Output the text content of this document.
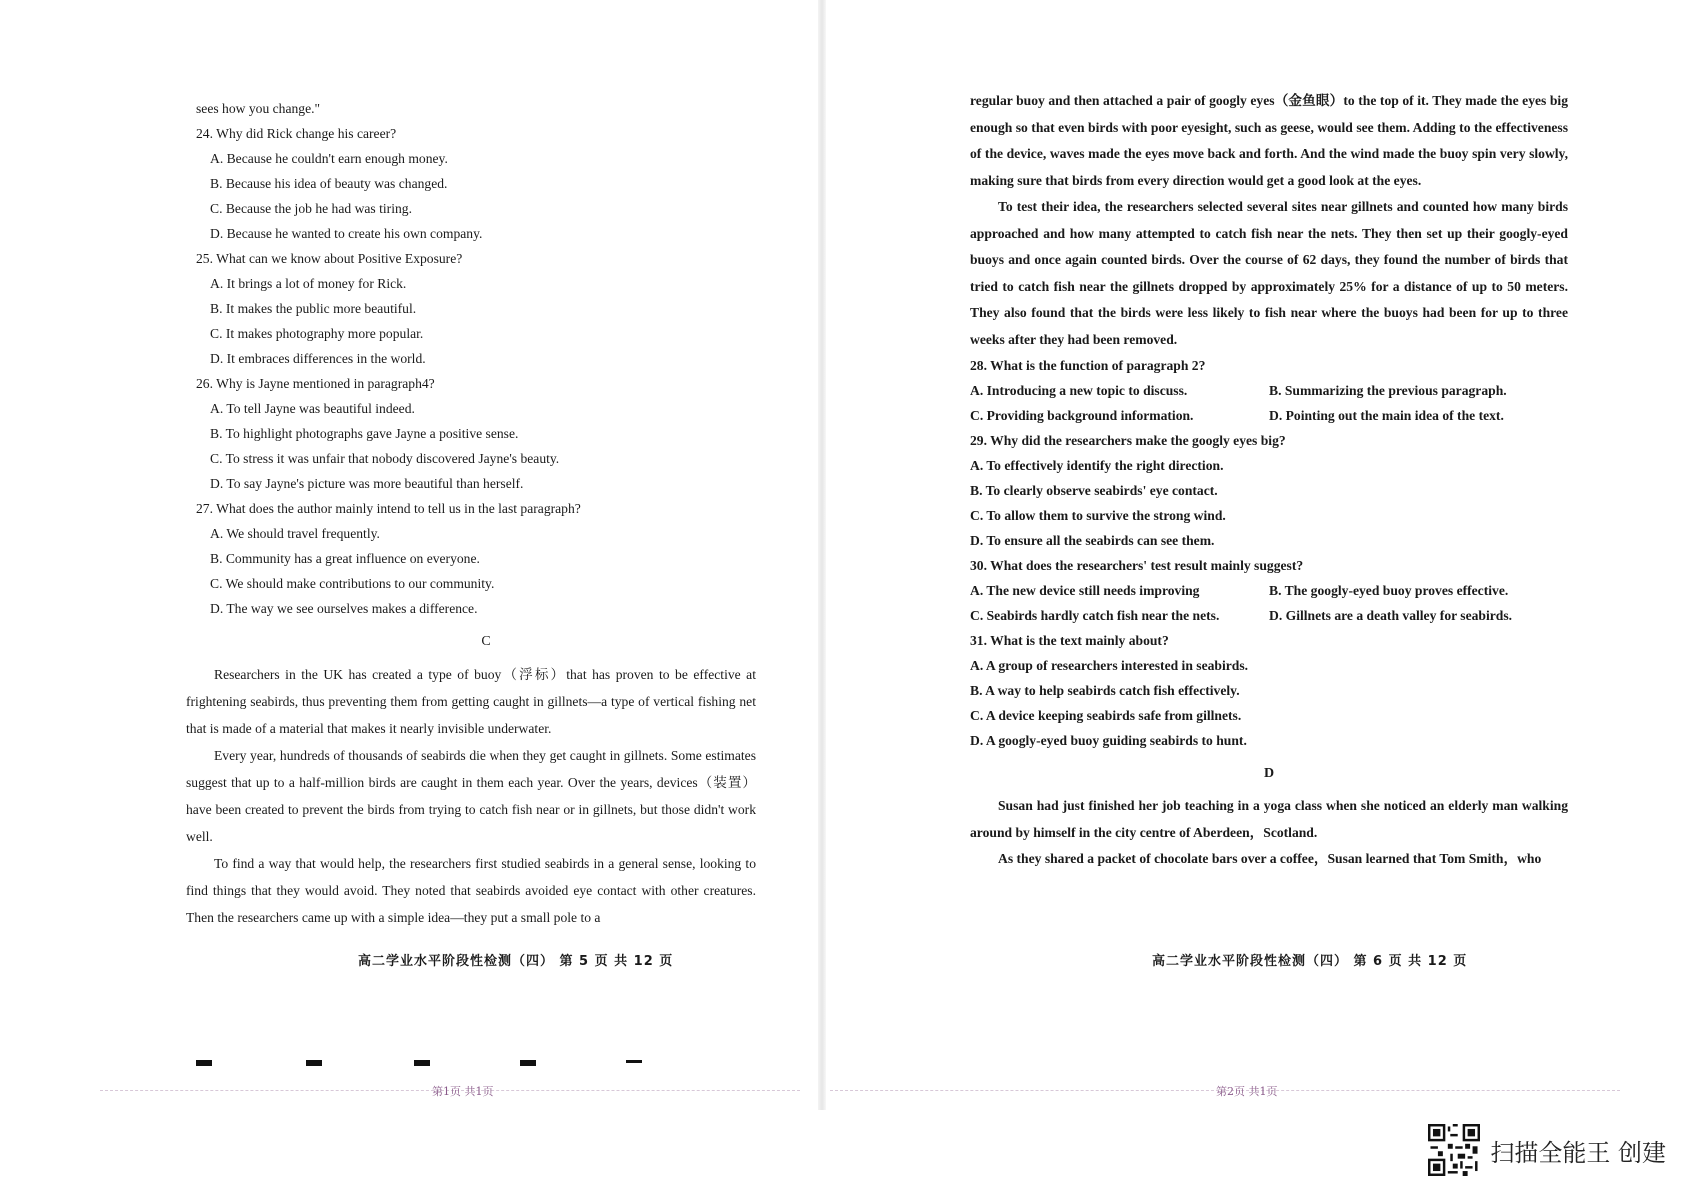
sees how you change."

24. Why did Rick change his career?

A. Because he couldn't earn enough money.

B. Because his idea of beauty was changed.

C. Because the job he had was tiring.

D. Because he wanted to create his own company.

25. What can we know about Positive Exposure?

A. It brings a lot of money for Rick.

B. It makes the public more beautiful.

C. It makes photography more popular.

D. It embraces differences in the world.

26. Why is Jayne mentioned in paragraph4?

A. To tell Jayne was beautiful indeed.

B. To highlight photographs gave Jayne a positive sense.

C. To stress it was unfair that nobody discovered Jayne's beauty.

D. To say Jayne's picture was more beautiful than herself.

27. What does the author mainly intend to tell us in the last paragraph?

A. We should travel frequently.

B. Community has a great influence on everyone.

C. We should make contributions to our community.

D. The way we see ourselves makes a difference.

C

Researchers in the UK has created a type of buoy（浮标）that has proven to be effective at frightening seabirds, thus preventing them from getting caught in gillnets—a type of vertical fishing net that is made of a material that makes it nearly invisible underwater.

Every year, hundreds of thousands of seabirds die when they get caught in gillnets. Some estimates suggest that up to a half-million birds are caught in them each year. Over the years, devices（装置）have been created to prevent the birds from trying to catch fish near or in gillnets, but those didn't work well.

To find a way that would help, the researchers first studied seabirds in a general sense, looking to find things that they would avoid. They noted that seabirds avoided eye contact with other creatures. Then the researchers came up with a simple idea—they put a small pole to a

高二学业水平阶段性检测（四） 第 5 页 共 12 页
第1页 共1页

regular buoy and then attached a pair of googly eyes（金鱼眼）to the top of it. They made the eyes big enough so that even birds with poor eyesight, such as geese, would see them. Adding to the effectiveness of the device, waves made the eyes move back and forth. And the wind made the buoy spin very slowly, making sure that birds from every direction would get a good look at the eyes.

To test their idea, the researchers selected several sites near gillnets and counted how many birds approached and how many attempted to catch fish near the nets. They then set up their googly-eyed buoys and once again counted birds. Over the course of 62 days, they found the number of birds that tried to catch fish near the gillnets dropped by approximately 25% for a distance of up to 50 meters. They also found that the birds were less likely to fish near where the buoys had been for up to three weeks after they had been removed.

28. What is the function of paragraph 2?

A. Introducing a new topic to discuss.	B. Summarizing the previous paragraph.

C. Providing background information.	D. Pointing out the main idea of the text.

29. Why did the researchers make the googly eyes big?

A. To effectively identify the right direction.

B. To clearly observe seabirds' eye contact.

C. To allow them to survive the strong wind.

D. To ensure all the seabirds can see them.

30. What does the researchers' test result mainly suggest?

A. The new device still needs improving	B. The googly-eyed buoy proves effective.

C. Seabirds hardly catch fish near the nets.	D. Gillnets are a death valley for seabirds.

31. What is the text mainly about?

A. A group of researchers interested in seabirds.

B. A way to help seabirds catch fish effectively.

C. A device keeping seabirds safe from gillnets.

D. A googly-eyed buoy guiding seabirds to hunt.

D

Susan had just finished her job teaching in a yoga class when she noticed an elderly man walking around by himself in the city centre of Aberdeen，Scotland.

As they shared a packet of chocolate bars over a coffee，Susan learned that Tom Smith，who

高二学业水平阶段性检测（四） 第 6 页 共 12 页
第2页 共1页
扫描全能王 创建
